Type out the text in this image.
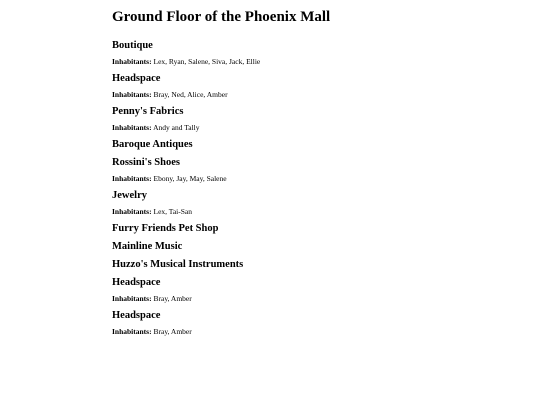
Ground Floor of the Phoenix Mall
Boutique

Inhabitants: Lex, Ryan, Salene, Siva, Jack, Ellie

Headspace

Inhabitants: Bray, Ned, Alice, Amber

Penny's Fabrics

Inhabitants: Andy and Tally

Baroque Antiques
Rossini's Shoes

Inhabitants: Ebony, Jay, May, Salene

Jewelry

Inhabitants: Lex, Tai-San

Furry Friends Pet Shop
Mainline Music
Huzzo's Musical Instruments
Headspace

Inhabitants: Bray, Amber

Headspace

Inhabitants: Bray, Amber
